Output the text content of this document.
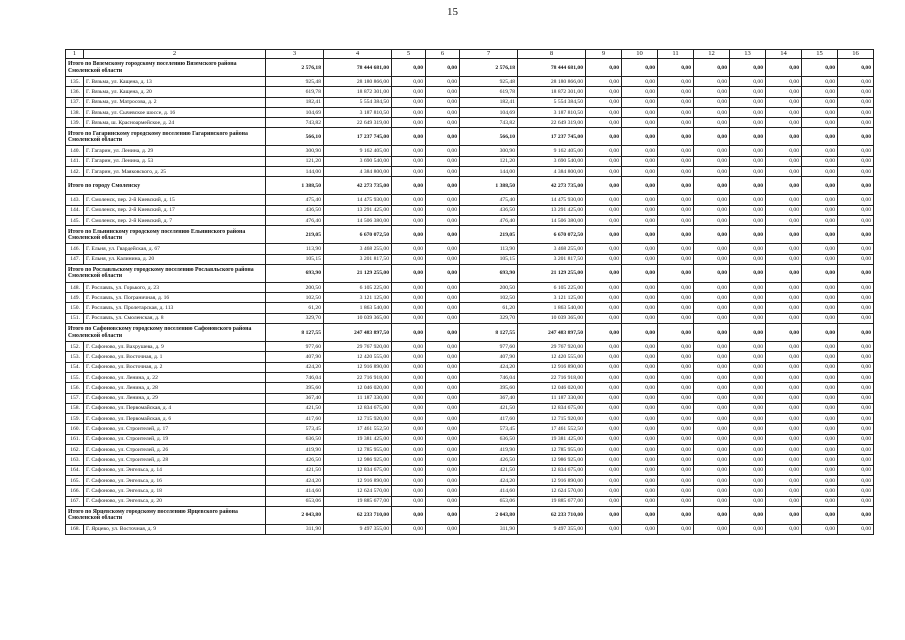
15
1	2	3	4	5	6	7	8	9	10	11	12	13	14	15	16
Итого по Вяземскому городскому поселению Вяземского района Смоленской области		2 576,18	78 444 681,00	0,00	0,00	2 576,18	78 444 681,00	0,00	0,00	0,00	0,00	0,00	0,00	0,00	0,00
135.	Г. Вязьма, ул. Кащена, д. 13	925,48	28 180 866,00	0,00	0,00	925,48	28 180 866,00	0,00	0,00	0,00	0,00	0,00	0,00	0,00	0,00
136.	Г. Вязьма, ул. Кащена, д. 20	619,78	18 872 301,00	0,00	0,00	619,78	18 872 301,00	0,00	0,00	0,00	0,00	0,00	0,00	0,00	0,00
137.	Г. Вязьма, ул. Матросова, д. 2	182,41	5 554 384,50	0,00	0,00	182,41	5 554 384,50	0,00	0,00	0,00	0,00	0,00	0,00	0,00	0,00
138.	Г. Вязьма, ул. Сычевское шоссе, д. 16	104,69	3 187 810,50	0,00	0,00	104,69	3 187 810,50	0,00	0,00	0,00	0,00	0,00	0,00	0,00	0,00
139.	Г. Вязьма, ш. Красноармейское, д. 24	743,82	22 649 319,00	0,00	0,00	743,82	22 649 319,00	0,00	0,00	0,00	0,00	0,00	0,00	0,00	0,00
Итого по Гагаринскому городскому поселению Гагаринского района Смоленской области		566,10	17 237 745,00	0,00	0,00	566,10	17 237 745,00	0,00	0,00	0,00	0,00	0,00	0,00	0,00	0,00
140.	Г. Гагарин, ул. Ленина, д. 29	300,90	9 162 405,00	0,00	0,00	300,90	9 162 405,00	0,00	0,00	0,00	0,00	0,00	0,00	0,00	0,00
141.	Г. Гагарин, ул. Ленина, д. 53	121,20	3 690 540,00	0,00	0,00	121,20	3 690 540,00	0,00	0,00	0,00	0,00	0,00	0,00	0,00	0,00
142.	Г. Гагарин, ул. Маяковского, д. 25	144,00	4 384 800,00	0,00	0,00	144,00	4 384 800,00	0,00	0,00	0,00	0,00	0,00	0,00	0,00	0,00
Итого по городу Смоленску		1 388,50	42 273 735,00	0,00	0,00	1 388,50	42 273 735,00	0,00	0,00	0,00	0,00	0,00	0,00	0,00	0,00
143.	Г. Смоленск, пер. 2-й Киевский, д. 15	475,40	14 475 930,00	0,00	0,00	475,40	14 475 930,00	0,00	0,00	0,00	0,00	0,00	0,00	0,00	0,00
144.	Г. Смоленск, пер. 2-й Киевский, д. 17	436,50	13 291 425,00	0,00	0,00	436,50	13 291 425,00	0,00	0,00	0,00	0,00	0,00	0,00	0,00	0,00
145.	Г. Смоленск, пер. 2-й Киевский, д. 7	476,40	14 506 380,00	0,00	0,00	476,40	14 506 380,00	0,00	0,00	0,00	0,00	0,00	0,00	0,00	0,00
Итого по Ельнинскому городскому поселению Ельнинского района Смоленской области		219,05	6 670 072,50	0,00	0,00	219,05	6 670 072,50	0,00	0,00	0,00	0,00	0,00	0,00	0,00	0,00
146.	Г. Ельня, ул. Гвардейская, д. 67	113,90	3 468 255,00	0,00	0,00	113,90	3 468 255,00	0,00	0,00	0,00	0,00	0,00	0,00	0,00	0,00
147.	Г. Ельня, ул. Калинина, д. 20	105,15	3 201 817,50	0,00	0,00	105,15	3 201 817,50	0,00	0,00	0,00	0,00	0,00	0,00	0,00	0,00
Итого по Рославльскому городскому поселению Рославльского района Смоленской области		693,90	21 129 255,00	0,00	0,00	693,90	21 129 255,00	0,00	0,00	0,00	0,00	0,00	0,00	0,00	0,00
148.	Г. Рославль, ул. Горького, д. 23	200,50	6 105 225,00	0,00	0,00	200,50	6 105 225,00	0,00	0,00	0,00	0,00	0,00	0,00	0,00	0,00
149.	Г. Рославль, ул. Пограничная, д. 16	102,50	3 121 125,00	0,00	0,00	102,50	3 121 125,00	0,00	0,00	0,00	0,00	0,00	0,00	0,00	0,00
150.	Г. Рославль, ул. Пролетарская, д. 113	61,20	1 863 540,00	0,00	0,00	61,20	1 863 540,00	0,00	0,00	0,00	0,00	0,00	0,00	0,00	0,00
151.	Г. Рославль, ул. Смоленская, д. 8	329,70	10 039 365,00	0,00	0,00	329,70	10 039 365,00	0,00	0,00	0,00	0,00	0,00	0,00	0,00	0,00
Итого по Сафоновскому городскому поселению Сафоновского района Смоленской области		8 127,55	247 483 897,50	0,00	0,00	8 127,55	247 483 897,50	0,00	0,00	0,00	0,00	0,00	0,00	0,00	0,00
152.	Г. Сафоново, ул. Вахрушева, д. 9	977,60	29 767 920,00	0,00	0,00	977,60	29 767 920,00	0,00	0,00	0,00	0,00	0,00	0,00	0,00	0,00
153.	Г. Сафоново, ул. Восточная, д. 1	407,90	12 420 555,00	0,00	0,00	407,90	12 420 555,00	0,00	0,00	0,00	0,00	0,00	0,00	0,00	0,00
154.	Г. Сафоново, ул. Восточная, д. 2	424,20	12 916 890,00	0,00	0,00	424,20	12 916 890,00	0,00	0,00	0,00	0,00	0,00	0,00	0,00	0,00
155.	Г. Сафоново, ул. Ленина, д. 22	746,04	22 716 918,00	0,00	0,00	746,04	22 716 918,00	0,00	0,00	0,00	0,00	0,00	0,00	0,00	0,00
156.	Г. Сафоново, ул. Ленина, д. 28	395,60	12 046 020,00	0,00	0,00	395,60	12 046 020,00	0,00	0,00	0,00	0,00	0,00	0,00	0,00	0,00
157.	Г. Сафоново, ул. Ленина, д. 29	367,40	11 187 330,00	0,00	0,00	367,40	11 187 330,00	0,00	0,00	0,00	0,00	0,00	0,00	0,00	0,00
158.	Г. Сафоново, ул. Первомайская, д. 4	421,50	12 834 675,00	0,00	0,00	421,50	12 834 675,00	0,00	0,00	0,00	0,00	0,00	0,00	0,00	0,00
159.	Г. Сафоново, ул. Первомайская, д. 6	417,60	12 715 920,00	0,00	0,00	417,60	12 715 920,00	0,00	0,00	0,00	0,00	0,00	0,00	0,00	0,00
160.	Г. Сафоново, ул. Строителей, д. 17	573,45	17 461 552,50	0,00	0,00	573,45	17 461 552,50	0,00	0,00	0,00	0,00	0,00	0,00	0,00	0,00
161.	Г. Сафоново, ул. Строителей, д. 19	636,50	19 381 425,00	0,00	0,00	636,50	19 381 425,00	0,00	0,00	0,00	0,00	0,00	0,00	0,00	0,00
162.	Г. Сафоново, ул. Строителей, д. 26	419,90	12 785 955,00	0,00	0,00	419,90	12 785 955,00	0,00	0,00	0,00	0,00	0,00	0,00	0,00	0,00
163.	Г. Сафоново, ул. Строителей, д. 28	426,50	12 986 925,00	0,00	0,00	426,50	12 986 925,00	0,00	0,00	0,00	0,00	0,00	0,00	0,00	0,00
164.	Г. Сафоново, ул. Энгельса, д. 14	421,50	12 834 675,00	0,00	0,00	421,50	12 834 675,00	0,00	0,00	0,00	0,00	0,00	0,00	0,00	0,00
165.	Г. Сафоново, ул. Энгельса, д. 16	424,20	12 916 890,00	0,00	0,00	424,20	12 916 890,00	0,00	0,00	0,00	0,00	0,00	0,00	0,00	0,00
166.	Г. Сафоново, ул. Энгельса, д. 18	414,60	12 624 570,00	0,00	0,00	414,60	12 624 570,00	0,00	0,00	0,00	0,00	0,00	0,00	0,00	0,00
167.	Г. Сафоново, ул. Энгельса, д. 20	653,06	19 885 677,00	0,00	0,00	653,06	19 885 677,00	0,00	0,00	0,00	0,00	0,00	0,00	0,00	0,00
Итого по Ярцевскому городскому поселению Ярцевского района Смоленской области		2 043,80	62 233 710,00	0,00	0,00	2 043,80	62 233 710,00	0,00	0,00	0,00	0,00	0,00	0,00	0,00	0,00
168.	Г. Ярцево, ул. Восточная, д. 9	311,90	9 497 355,00	0,00	0,00	311,90	9 497 355,00	0,00	0,00	0,00	0,00	0,00	0,00	0,00	0,00
